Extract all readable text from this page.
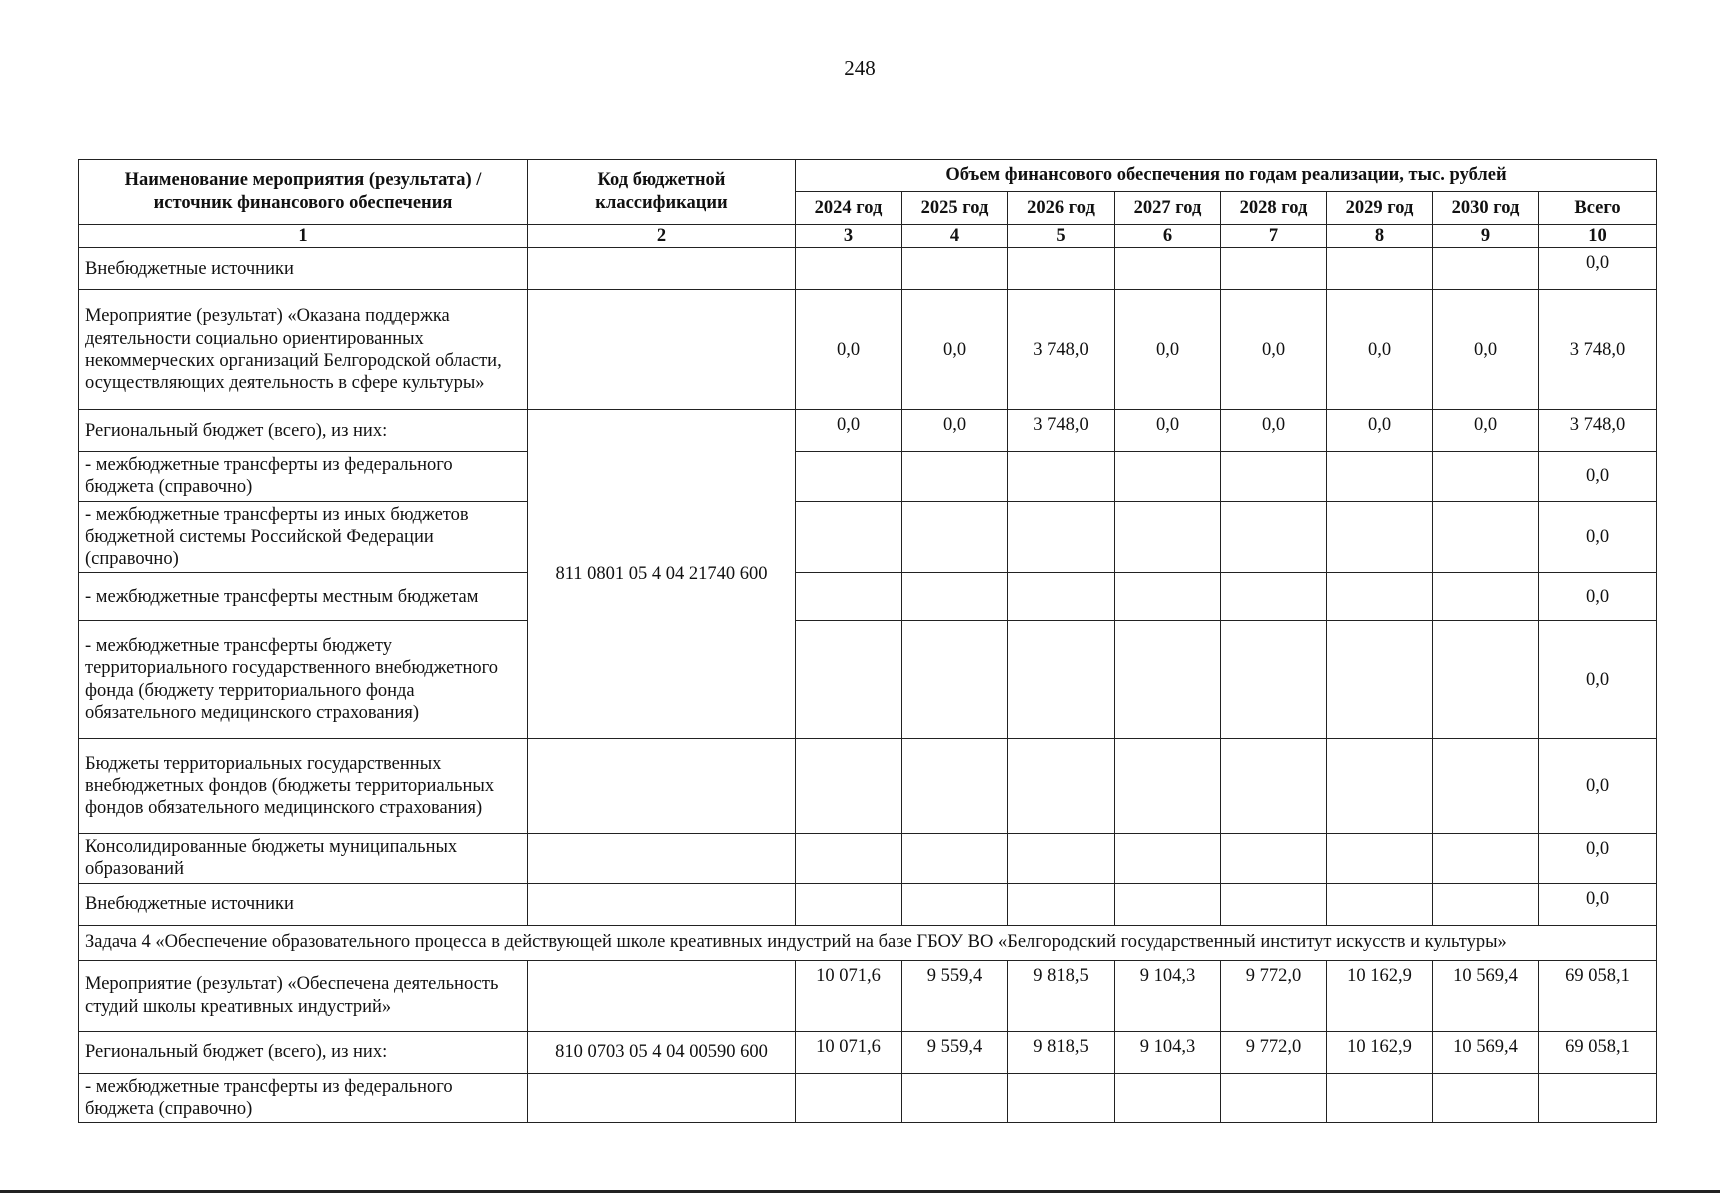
248
Наименование мероприятия (результата) / источник финансового обеспечения	Код бюджетной классификации	Объем финансового обеспечения по годам реализации, тыс. рублей							
		2024 год	2025 год	2026 год	2027 год	2028 год	2029 год	2030 год	Всего
1	2	3	4	5	6	7	8	9	10
Внебюджетные источники									0,0
Мероприятие (результат) «Оказана поддержка деятельности социально ориентированных некоммерческих организаций Белгородской области, осуществляющих деятельность в сфере культуры»		0,0	0,0	3 748,0	0,0	0,0	0,0	0,0	3 748,0
Региональный бюджет (всего), из них:	811 0801 05 4 04 21740 600	0,0	0,0	3 748,0	0,0	0,0	0,0	0,0	3 748,0
- межбюджетные трансферты из федерального бюджета (справочно)									0,0
- межбюджетные трансферты из иных бюджетов бюджетной системы Российской Федерации (справочно)									0,0
- межбюджетные трансферты местным бюджетам									0,0
- межбюджетные трансферты бюджету территориального государственного внебюджетного фонда (бюджету территориального фонда обязательного медицинского страхования)									0,0
Бюджеты территориальных государственных внебюджетных фондов (бюджеты территориальных фондов обязательного медицинского страхования)									0,0
Консолидированные бюджеты муниципальных образований									0,0
Внебюджетные источники									0,0
Задача 4 «Обеспечение образовательного процесса в действующей школе креативных индустрий на базе ГБОУ ВО «Белгородский государственный институт искусств и культуры»									
Мероприятие (результат) «Обеспечена деятельность студий школы креативных индустрий»		10 071,6	9 559,4	9 818,5	9 104,3	9 772,0	10 162,9	10 569,4	69 058,1
Региональный бюджет (всего), из них:	810 0703 05 4 04 00590 600	10 071,6	9 559,4	9 818,5	9 104,3	9 772,0	10 162,9	10 569,4	69 058,1
- межбюджетные трансферты из федерального бюджета (справочно)									
